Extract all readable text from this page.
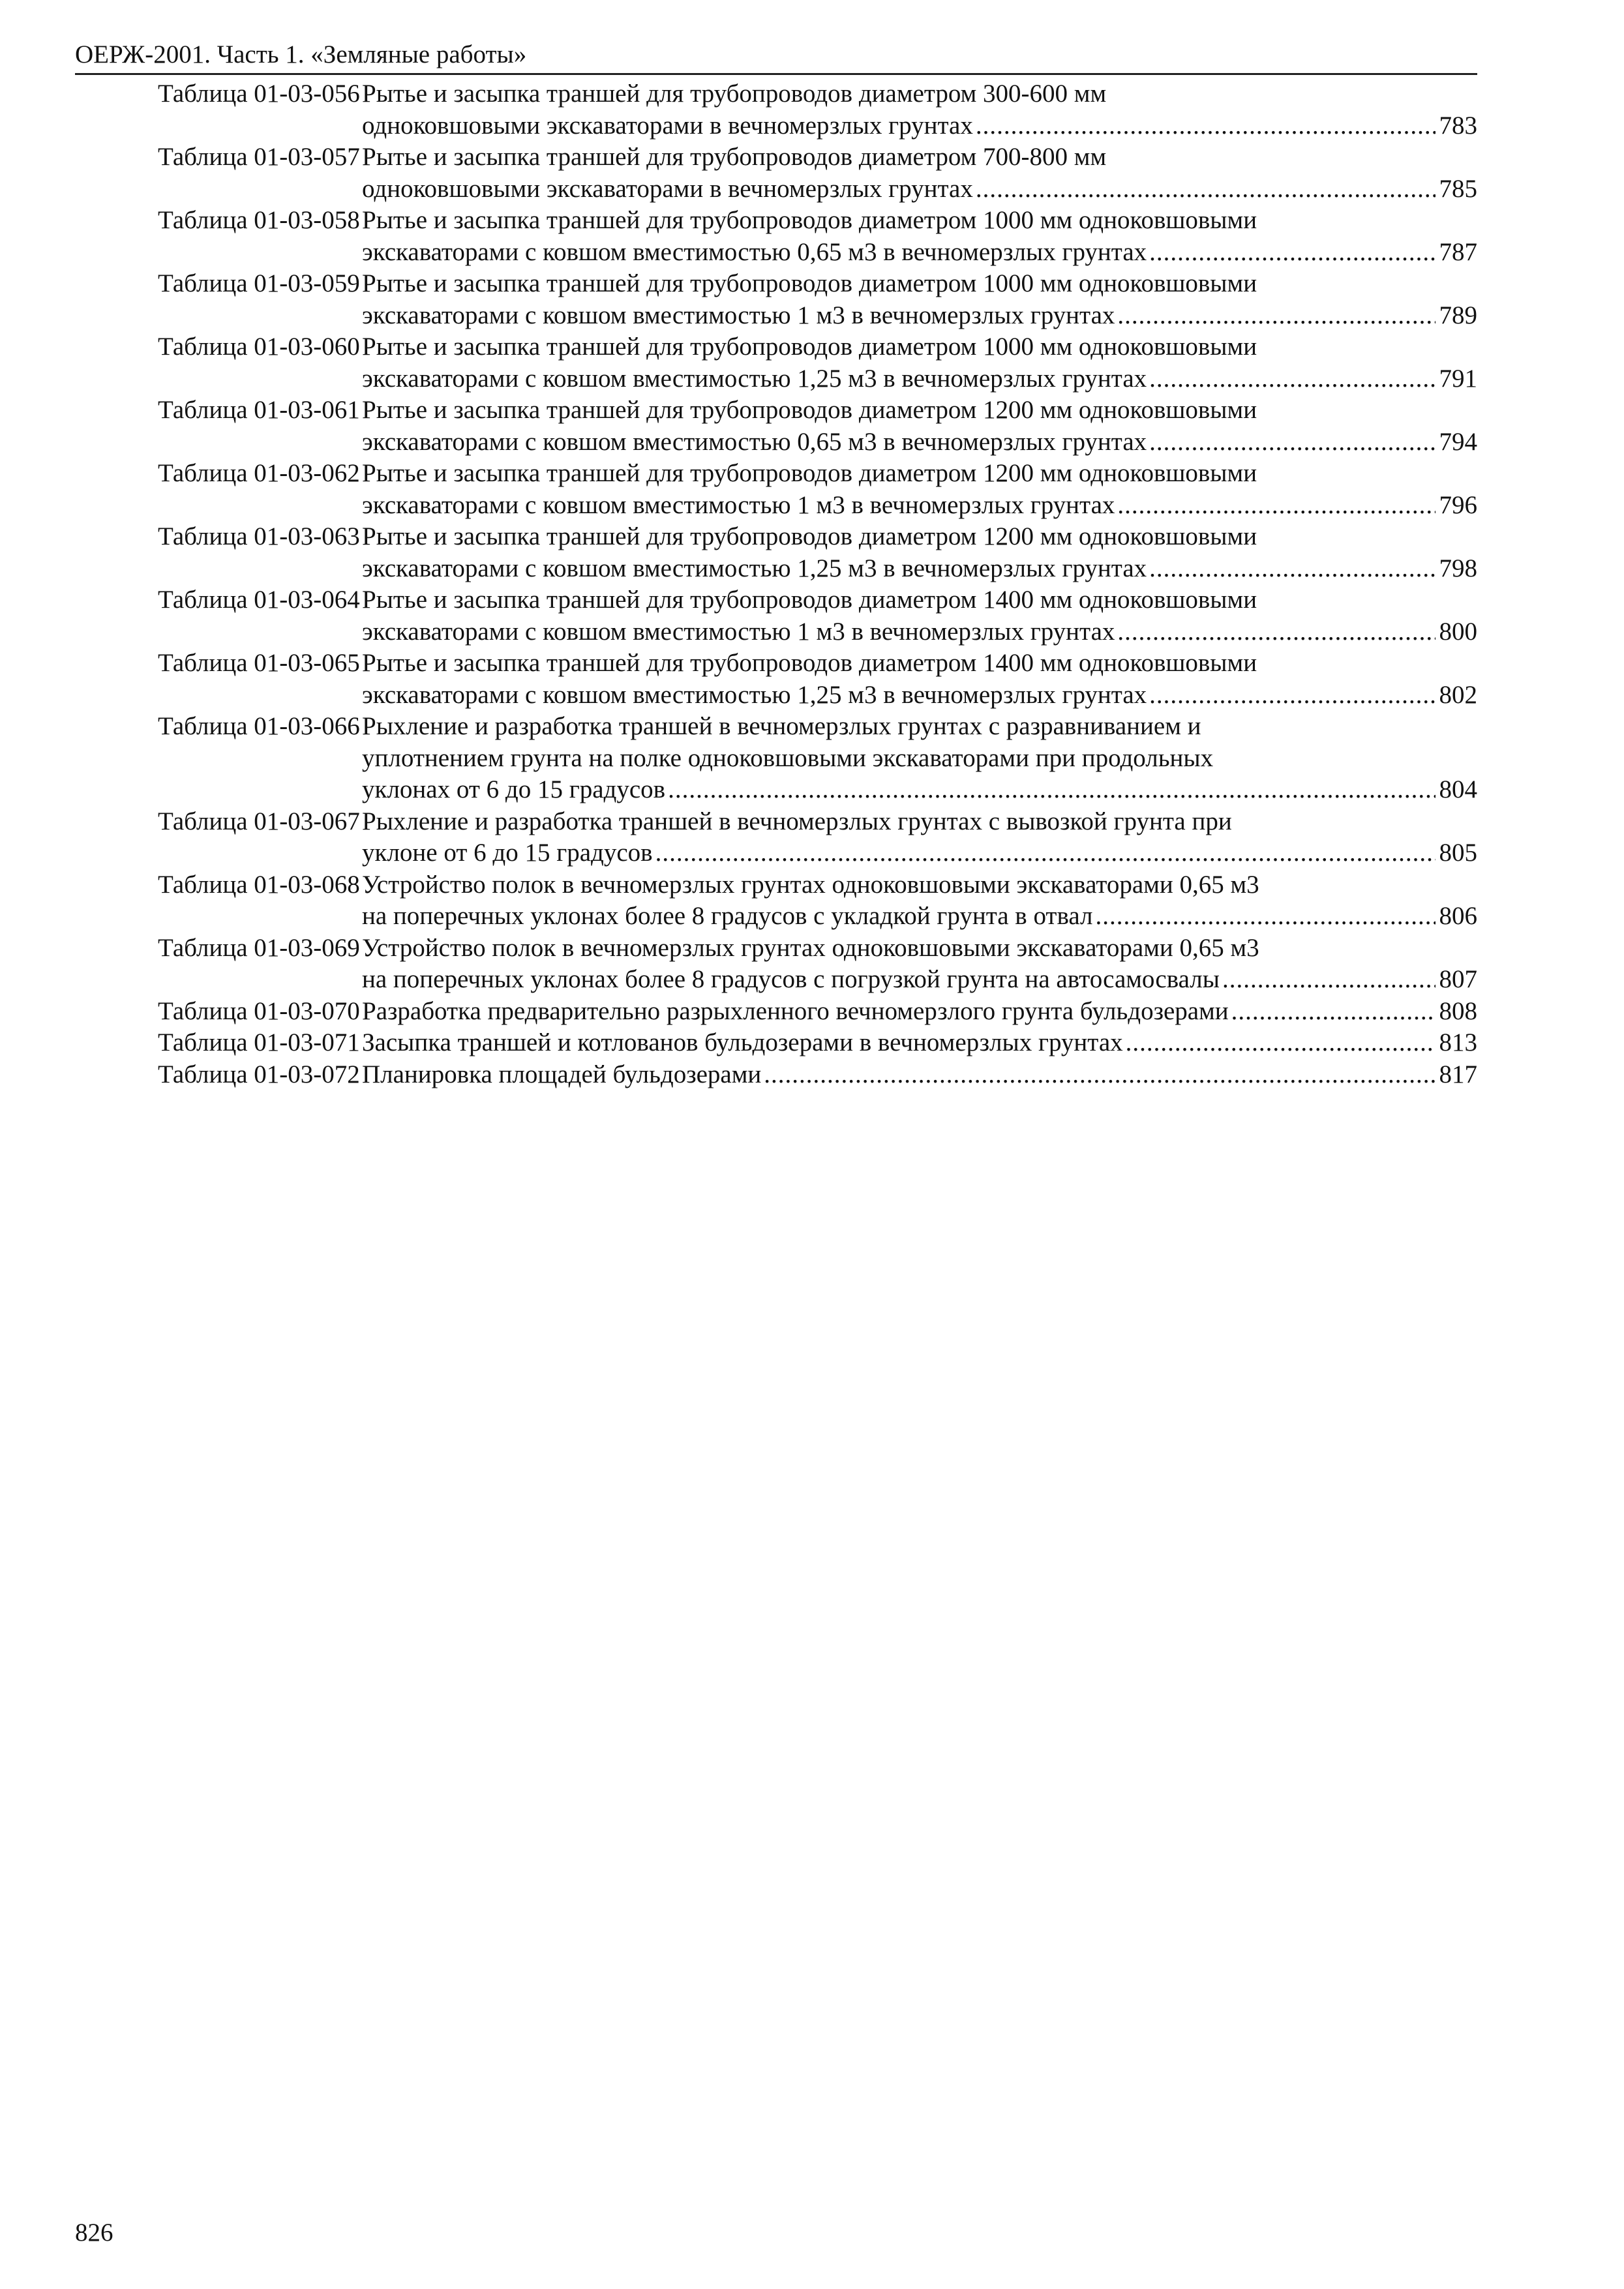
ОЕРЖ-2001. Часть 1. «Земляные работы»
Таблица 01-03-056 Рытье и засыпка траншей для трубопроводов диаметром 300-600 мм
одноковшовыми экскаваторами в вечномерзлых грунтах .....	783
Таблица 01-03-057 Рытье и засыпка траншей для трубопроводов диаметром 700-800 мм
одноковшовыми экскаваторами в вечномерзлых грунтах .....	785
Таблица 01-03-058 Рытье и засыпка траншей для трубопроводов диаметром 1000 мм одноковшовыми
экскаваторами с ковшом вместимостью 0,65 м3 в вечномерзлых грунтах .....	787
Таблица 01-03-059 Рытье и засыпка траншей для трубопроводов диаметром 1000 мм одноковшовыми
экскаваторами с ковшом вместимостью 1 м3 в вечномерзлых грунтах .....	789
Таблица 01-03-060 Рытье и засыпка траншей для трубопроводов диаметром 1000 мм одноковшовыми
экскаваторами с ковшом вместимостью 1,25 м3 в вечномерзлых грунтах .....	791
Таблица 01-03-061 Рытье и засыпка траншей для трубопроводов диаметром 1200 мм одноковшовыми
экскаваторами с ковшом вместимостью 0,65 м3 в вечномерзлых грунтах .....	794
Таблица 01-03-062 Рытье и засыпка траншей для трубопроводов диаметром 1200 мм одноковшовыми
экскаваторами с ковшом вместимостью 1 м3 в вечномерзлых грунтах .....	796
Таблица 01-03-063 Рытье и засыпка траншей для трубопроводов диаметром 1200 мм одноковшовыми
экскаваторами с ковшом вместимостью 1,25 м3 в вечномерзлых грунтах .....	798
Таблица 01-03-064 Рытье и засыпка траншей для трубопроводов диаметром 1400 мм одноковшовыми
экскаваторами с ковшом вместимостью 1 м3 в вечномерзлых грунтах .....	800
Таблица 01-03-065 Рытье и засыпка траншей для трубопроводов диаметром 1400 мм одноковшовыми
экскаваторами с ковшом вместимостью 1,25 м3 в вечномерзлых грунтах .....	802
Таблица 01-03-066 Рыхление и разработка траншей в вечномерзлых грунтах с разравниванием и
уплотнением грунта на полке одноковшовыми экскаваторами при продольных
уклонах от 6 до 15 градусов .....	804
Таблица 01-03-067 Рыхление и разработка траншей в вечномерзлых грунтах с вывозкой грунта при
уклоне от 6 до 15 градусов .....	805
Таблица 01-03-068 Устройство полок в вечномерзлых грунтах одноковшовыми экскаваторами 0,65 м3
на поперечных уклонах более 8 градусов с укладкой грунта в отвал .....	806
Таблица 01-03-069 Устройство полок в вечномерзлых грунтах одноковшовыми экскаваторами 0,65 м3
на поперечных уклонах более 8 градусов с погрузкой грунта на автосамосвалы .....	807
Таблица 01-03-070 Разработка предварительно разрыхленного вечномерзлого грунта бульдозерами .....	808
Таблица 01-03-071 Засыпка траншей и котлованов бульдозерами в вечномерзлых грунтах .....	813
Таблица 01-03-072 Планировка площадей бульдозерами .....	817
826
